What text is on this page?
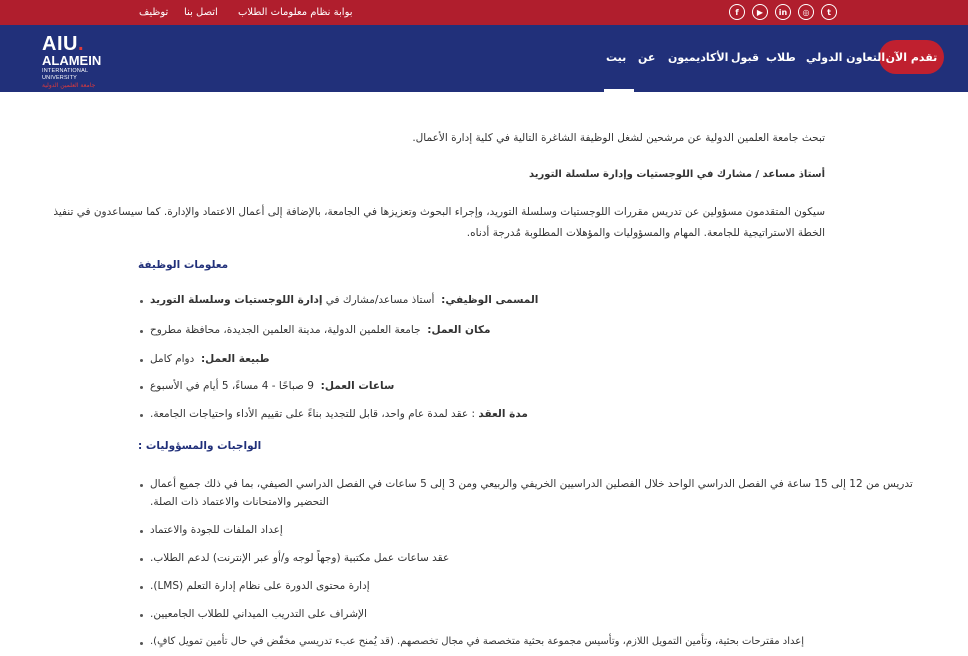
f	▶	in	◎	t
بوابة نظام معلومات الطلاب
اتصل بنا
توظيف
AIU.
ALAMEIN
INTERNATIONAL UNIVERSITY
جامعة العلمين الدولية
تقدم الآن
التعاون الدولي
طلاب
قبول
الأكاديميون
عن
بيت
تبحث جامعة العلمين الدولية عن مرشحين لشغل الوظيفة الشاغرة التالية في كلية إدارة الأعمال.
أستاذ مساعد / مشارك في اللوجستيات وإدارة سلسلة التوريد
سيكون المتقدمون مسؤولين عن تدريس مقررات اللوجستيات وسلسلة التوريد، وإجراء البحوث وتعزيزها في الجامعة، بالإضافة إلى أعمال الاعتماد والإدارة. كما سيساعدون في تنفيذ
الخطة الاستراتيجية للجامعة. المهام والمسؤوليات والمؤهلات المطلوبة مُدرجة أدناه.
معلومات الوظيفة
المسمى الوظيفي:  أستاذ مساعد/مشارك في إدارة اللوجستيات وسلسلة التوريد
مكان العمل:  جامعة العلمين الدولية، مدينة العلمين الجديدة، محافظة مطروح
طبيعة العمل:  دوام كامل
ساعات العمل:  9 صباحًا - 4 مساءً، 5 أيام في الأسبوع
مدة العقد : عقد لمدة عام واحد، قابل للتجديد بناءً على تقييم الأداء واحتياجات الجامعة.
الواجبات والمسؤوليات :
تدريس من 12 إلى 15 ساعة في الفصل الدراسي الواحد خلال الفصلين الدراسيين الخريفي والربيعي ومن 3 إلى 5 ساعات في الفصل الدراسي الصيفي، بما في ذلك جميع أعمال
التحضير والامتحانات والاعتماد ذات الصلة.
إعداد الملفات للجودة والاعتماد
عقد ساعات عمل مكتبية (وجهاً لوجه و/أو عبر الإنترنت) لدعم الطلاب.
إدارة محتوى الدورة على نظام إدارة التعلم (LMS).
الإشراف على التدريب الميداني للطلاب الجامعيين.
إعداد مقترحات بحثية، وتأمين التمويل اللازم، وتأسيس مجموعة بحثية متخصصة في مجال تخصصهم. (قد يُمنح عبء تدريسي مخفّض في حال تأمين تمويل كافٍ).
